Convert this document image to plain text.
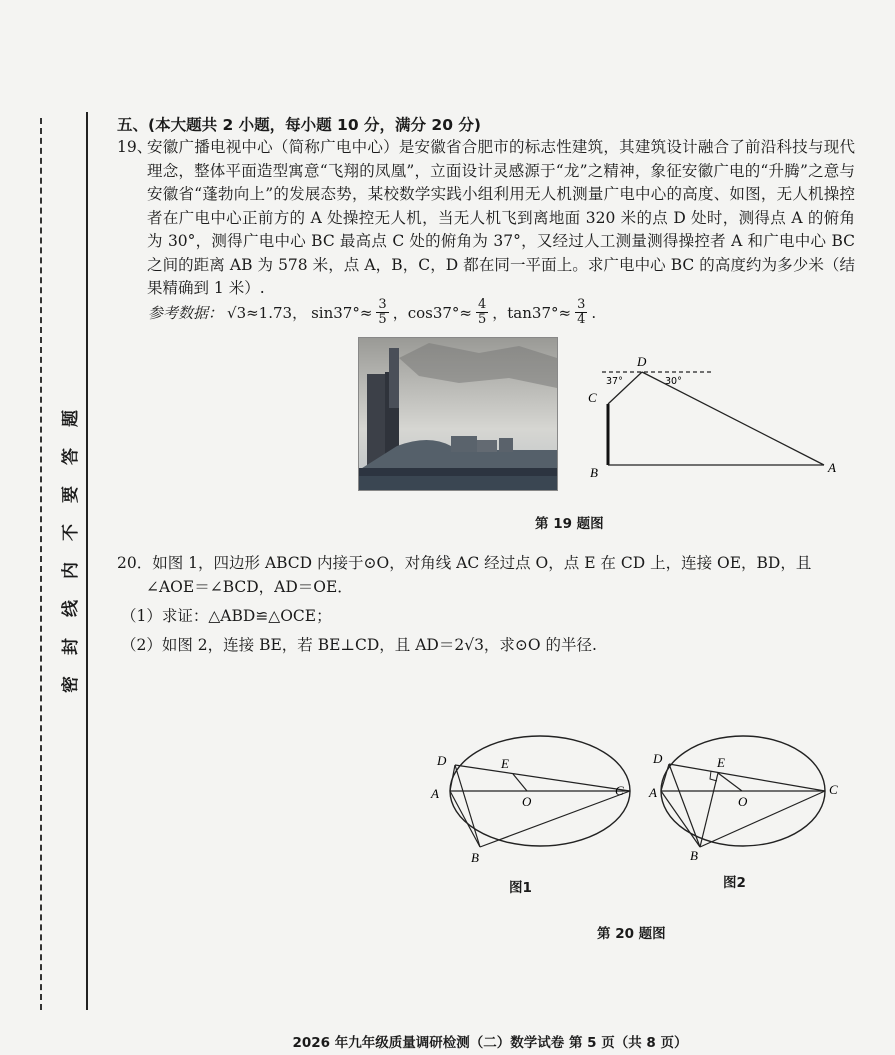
题
答
要
不
内
线
封
密
五、(本大题共 2 小题，每小题 10 分，满分 20 分)
19、
安徽广播电视中心（简称广电中心）是安徽省合肥市的标志性建筑，其建筑设计融合了前沿科技与现代理念，整体平面造型寓意“飞翔的凤凰”，立面设计灵感源于“龙”之精神，象征安徽广电的“升腾”之意与安徽省“蓬勃向上”的发展态势，某校数学实践小组利用无人机测量广电中心的高度、如图，无人机操控者在广电中心正前方的 A 处操控无人机，当无人机飞到离地面 320 米的点 D 处时，测得点 A 的俯角为 30°，测得广电中心 BC 最高点 C 处的俯角为 37°，又经过人工测量测得操控者 A 和广电中心 BC 之间的距离 AB 为 578 米，点 A，B，C，D 都在同一平面上。求广电中心 BC 的高度约为多少米（结果精确到 1 米）.
参考数据： √3≈1.73， $\sin 37^\circ\approx \frac{3}{5}$ ，$\cos 37^\circ\approx \frac{4}{5}$ ，$\tan 37^\circ\approx \frac{3}{4}$ .
D
C
B	A
37°	30°
第 19 题图
20．如图 1，四边形 ABCD 内接于⊙O，对角线 AC 经过点 O，点 E 在 CD 上，连接 OE，BD，且
∠AOE＝∠BCD，AD＝OE．
（1）求证：△ABD≌△OCE；
（2）如图 2，连接 BE，若 BE⊥CD，且 AD＝2√3，求⊙O 的半径.
D	E
A
O
C
B
图1
D	E
A
O
C
B
图2
第 20 题图
2026 年九年级质量调研检测（二）数学试卷 第 5 页（共 8 页）
